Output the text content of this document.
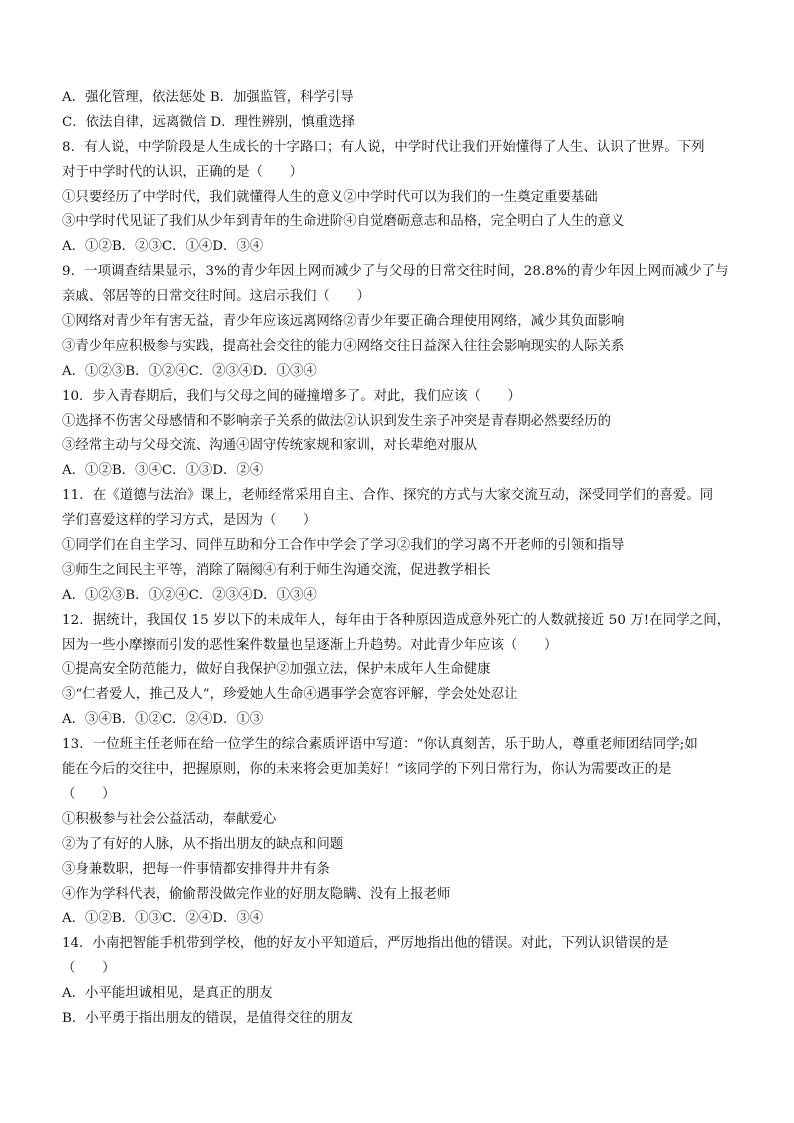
A．强化管理，依法惩处 B．加强监管，科学引导
C．依法自律，远离微信 D．理性辨别，慎重选择
8．有人说，中学阶段是人生成长的十字路口；有人说，中学时代让我们开始懂得了人生、认识了世界。下列
对于中学时代的认识，正确的是（　　）
①只要经历了中学时代，我们就懂得人生的意义②中学时代可以为我们的一生奠定重要基础
③中学时代见证了我们从少年到青年的生命进阶④自觉磨砺意志和品格，完全明白了人生的意义
A．①②B．②③C．①④D．③④
9．一项调查结果显示，3%的青少年因上网而减少了与父母的日常交往时间，28.8%的青少年因上网而减少了与
亲戚、邻居等的日常交往时间。这启示我们（　　）
①网络对青少年有害无益，青少年应该远离网络②青少年要正确合理使用网络，减少其负面影响
③青少年应积极参与实践，提高社会交往的能力④网络交往日益深入往往会影响现实的人际关系
A．①②③B．①②④C．②③④D．①③④
10．步入青春期后，我们与父母之间的碰撞增多了。对此，我们应该（　　）
①选择不伤害父母感情和不影响亲子关系的做法②认识到发生亲子冲突是青春期必然要经历的
③经常主动与父母交流、沟通④固守传统家规和家训，对长辈绝对服从
A．①②B．③④C．①③D．②④
11．在《道德与法治》课上，老师经常采用自主、合作、探究的方式与大家交流互动，深受同学们的喜爱。同
学们喜爱这样的学习方式，是因为（　　）
①同学们在自主学习、同伴互助和分工合作中学会了学习②我们的学习离不开老师的引领和指导
③师生之间民主平等，消除了隔阂④有利于师生沟通交流，促进教学相长
A．①②③B．①②④C．②③④D．①③④
12．据统计，我国仅 15 岁以下的未成年人，每年由于各种原因造成意外死亡的人数就接近 50 万!在同学之间，
因为一些小摩擦而引发的恶性案件数量也呈逐渐上升趋势。对此青少年应该（　　）
①提高安全防范能力，做好自我保护②加强立法，保护未成年人生命健康
③“仁者爱人，推己及人”，珍爱她人生命④遇事学会宽容评解，学会处处忍让
A．③④B．①②C．②④D．①③
13．一位班主任老师在给一位学生的综合素质评语中写道：“你认真刻苦，乐于助人，尊重老师团结同学;如
能在今后的交往中，把握原则，你的未来将会更加美好！”该同学的下列日常行为，你认为需要改正的是
（　　）
①积极参与社会公益活动，奉献爱心
②为了有好的人脉，从不指出朋友的缺点和问题
③身兼数职，把每一件事情都安排得井井有条
④作为学科代表，偷偷帮没做完作业的好朋友隐瞒、没有上报老师
A．①②B．①③C．②④D．③④
14．小南把智能手机带到学校，他的好友小平知道后，严厉地指出他的错误。对此，下列认识错误的是
（　　）
A．小平能坦诚相见，是真正的朋友
B．小平勇于指出朋友的错误，是值得交往的朋友
